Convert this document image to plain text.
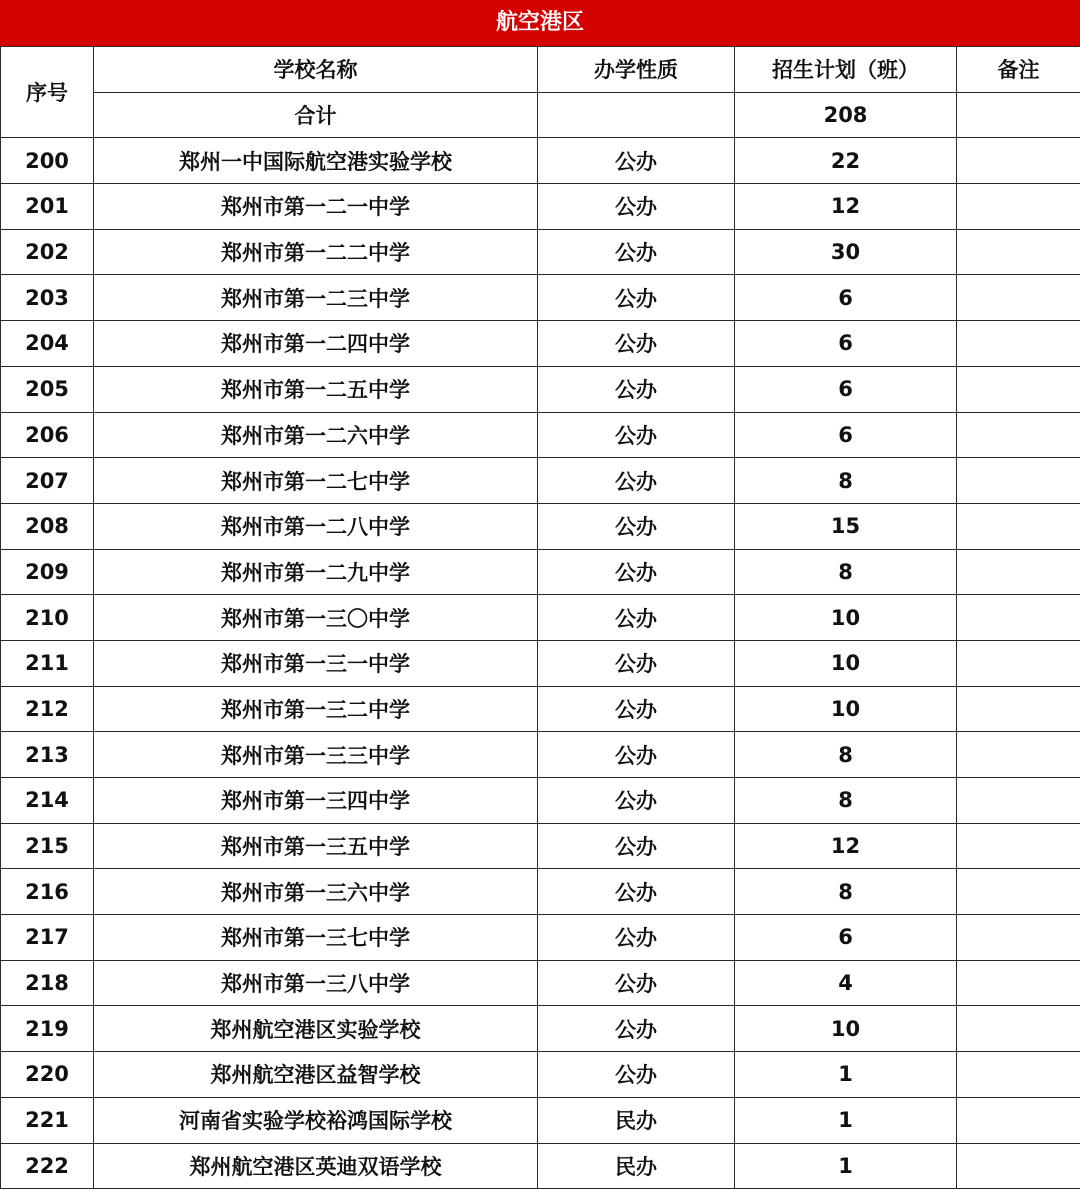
航空港区
序号	学校名称	办学性质	招生计划（班）	备注
	合计		208	
200	郑州一中国际航空港实验学校	公办	22	
201	郑州市第一二一中学	公办	12	
202	郑州市第一二二中学	公办	30	
203	郑州市第一二三中学	公办	6	
204	郑州市第一二四中学	公办	6	
205	郑州市第一二五中学	公办	6	
206	郑州市第一二六中学	公办	6	
207	郑州市第一二七中学	公办	8	
208	郑州市第一二八中学	公办	15	
209	郑州市第一二九中学	公办	8	
210	郑州市第一三〇中学	公办	10	
211	郑州市第一三一中学	公办	10	
212	郑州市第一三二中学	公办	10	
213	郑州市第一三三中学	公办	8	
214	郑州市第一三四中学	公办	8	
215	郑州市第一三五中学	公办	12	
216	郑州市第一三六中学	公办	8	
217	郑州市第一三七中学	公办	6	
218	郑州市第一三八中学	公办	4	
219	郑州航空港区实验学校	公办	10	
220	郑州航空港区益智学校	公办	1	
221	河南省实验学校裕鸿国际学校	民办	1	
222	郑州航空港区英迪双语学校	民办	1	
